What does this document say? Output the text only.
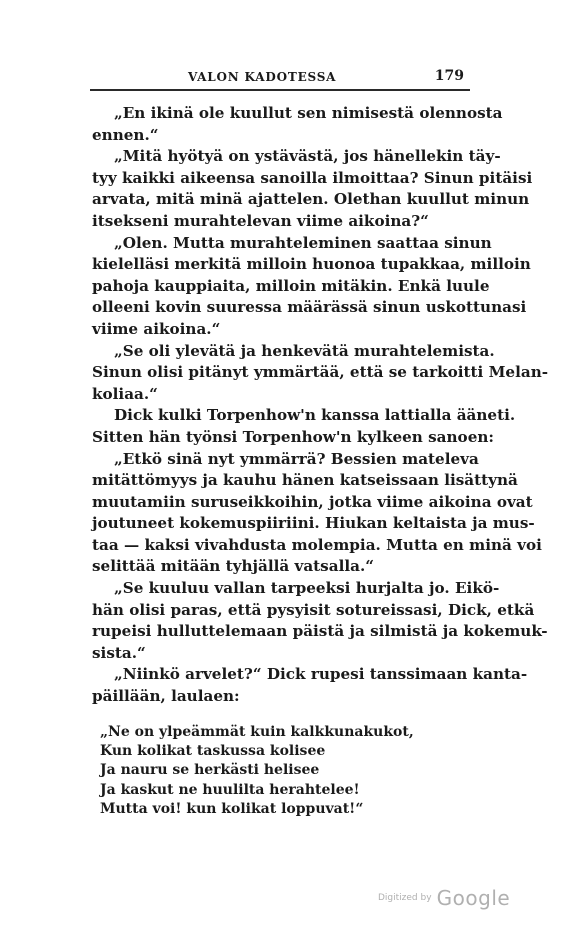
VALON KADOTESSA	179

„En ikinä ole kuullut sen nimisestä olennosta
ennen.“

„Mitä hyötyä on ystävästä, jos hänellekin täy-
tyy kaikki aikeensa sanoilla ilmoittaa? Sinun pitäisi
arvata, mitä minä ajattelen. Olethan kuullut minun
itsekseni murahtelevan viime aikoina?“

„Olen. Mutta murahteleminen saattaa sinun
kielelläsi merkitä milloin huonoa tupakkaa, milloin
pahoja kauppiaita, milloin mitäkin. Enkä luule
olleeni kovin suuressa määrässä sinun uskottunasi
viime aikoina.“

„Se oli ylevätä ja henkevätä murahtelemista.
Sinun olisi pitänyt ymmärtää, että se tarkoitti Melan-
koliaa.“

Dick kulki Torpenhow'n kanssa lattialla ääneti.
Sitten hän työnsi Torpenhow'n kylkeen sanoen:

„Etkö sinä nyt ymmärrä? Bessien mateleva
mitättömyys ja kauhu hänen katseissaan lisättynä
muutamiin suruseikkoihin, jotka viime aikoina ovat
joutuneet kokemuspiiriini. Hiukan keltaista ja mus-
taa — kaksi vivahdusta molempia. Mutta en minä voi
selittää mitään tyhjällä vatsalla.“

„Se kuuluu vallan tarpeeksi hurjalta jo. Eikö-
hän olisi paras, että pysyisit sotureissasi, Dick, etkä
rupeisi hulluttelemaan päistä ja silmistä ja kokemuk-
sista.“

„Niinkö arvelet?“ Dick rupesi tanssimaan kanta-
päillään, laulaen:

„Ne on ylpeämmät kuin kalkkunakukot,
Kun kolikat taskussa kolisee
Ja nauru se herkästi helisee
Ja kaskut ne huulilta herahtelee!
Mutta voi! kun kolikat loppuvat!“
Digitized by Google
